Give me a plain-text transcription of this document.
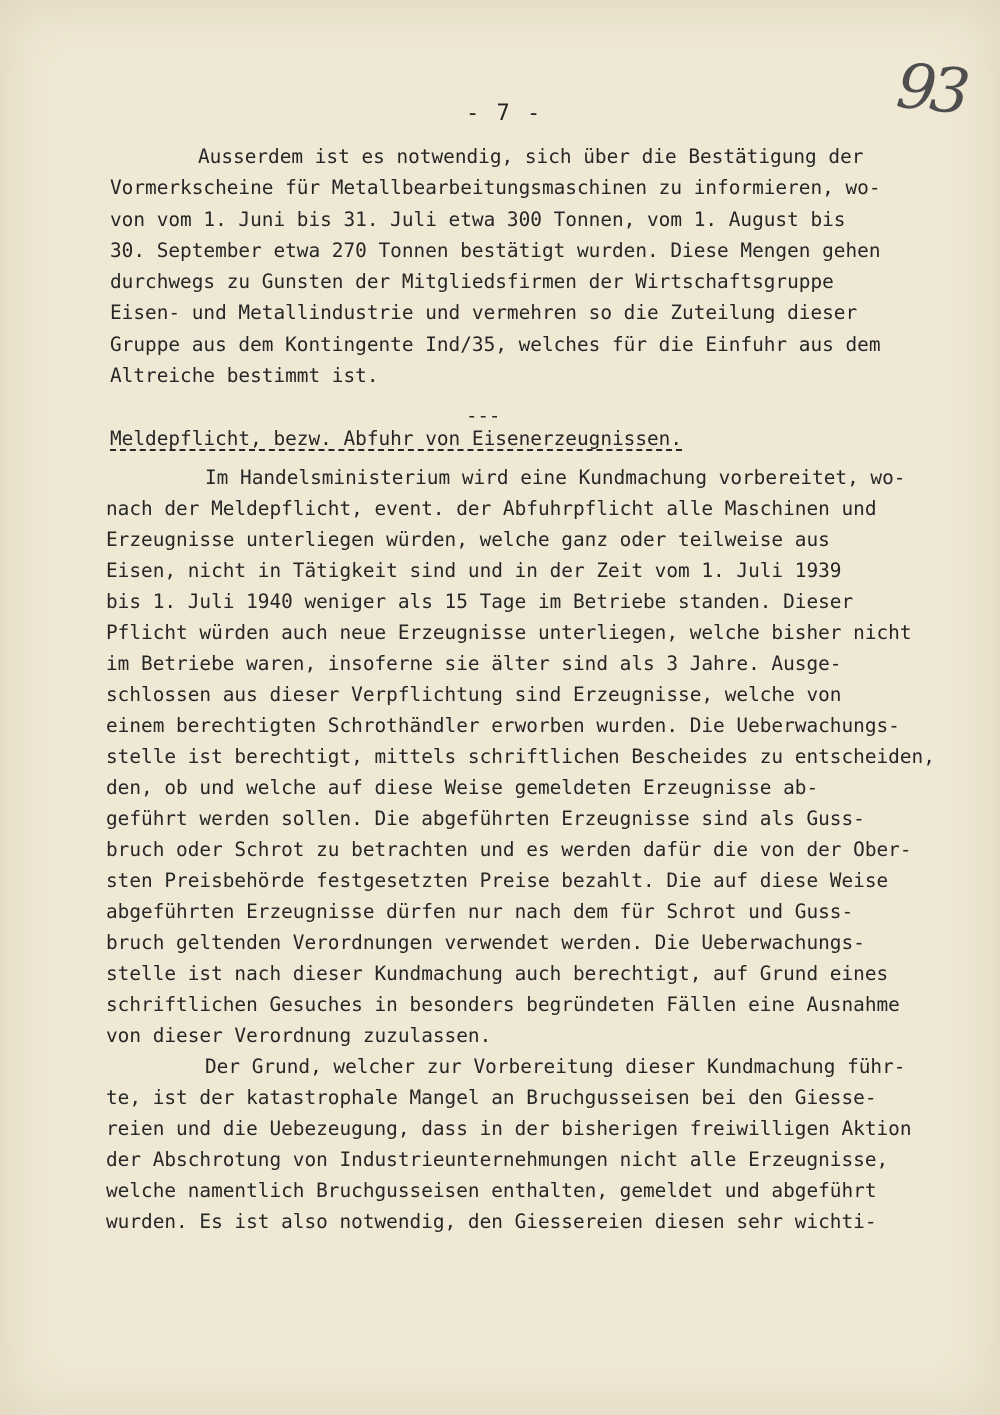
- 7 -	93
Ausserdem ist es notwendig, sich über die Bestätigung der
Vormerkscheine für Metallbearbeitungsmaschinen zu informieren, wo-
von vom 1. Juni bis 31. Juli etwa 300 Tonnen, vom 1. August bis
30. September etwa 270 Tonnen bestätigt wurden. Diese Mengen gehen
durchwegs zu Gunsten der Mitgliedsfirmen der Wirtschaftsgruppe
Eisen- und Metallindustrie und vermehren so die Zuteilung dieser
Gruppe aus dem Kontingente Ind/35, welches für die Einfuhr aus dem
Altreiche bestimmt ist.
---
Meldepflicht, bezw. Abfuhr von Eisenerzeugnissen.
Im Handelsministerium wird eine Kundmachung vorbereitet, wo-
nach der Meldepflicht, event. der Abfuhrpflicht alle Maschinen und
Erzeugnisse unterliegen würden, welche ganz oder teilweise aus
Eisen, nicht in Tätigkeit sind und in der Zeit vom 1. Juli 1939
bis 1. Juli 1940 weniger als 15 Tage im Betriebe standen. Dieser
Pflicht würden auch neue Erzeugnisse unterliegen, welche bisher nicht
im Betriebe waren, insoferne sie älter sind als 3 Jahre. Ausge-
schlossen aus dieser Verpflichtung sind Erzeugnisse, welche von
einem berechtigten Schrothändler erworben wurden. Die Ueberwachungs-
stelle ist berechtigt, mittels schriftlichen Bescheides zu entscheiden,
den, ob und welche auf diese Weise gemeldeten Erzeugnisse ab-
geführt werden sollen. Die abgeführten Erzeugnisse sind als Guss-
bruch oder Schrot zu betrachten und es werden dafür die von der Ober-
sten Preisbehörde festgesetzten Preise bezahlt. Die auf diese Weise
abgeführten Erzeugnisse dürfen nur nach dem für Schrot und Guss-
bruch geltenden Verordnungen verwendet werden. Die Ueberwachungs-
stelle ist nach dieser Kundmachung auch berechtigt, auf Grund eines
schriftlichen Gesuches in besonders begründeten Fällen eine Ausnahme
von dieser Verordnung zuzulassen.
Der Grund, welcher zur Vorbereitung dieser Kundmachung führ-
te, ist der katastrophale Mangel an Bruchgusseisen bei den Giesse-
reien und die Uebezeugung, dass in der bisherigen freiwilligen Aktion
der Abschrotung von Industrieunternehmungen nicht alle Erzeugnisse,
welche namentlich Bruchgusseisen enthalten, gemeldet und abgeführt
wurden. Es ist also notwendig, den Giessereien diesen sehr wichti-
